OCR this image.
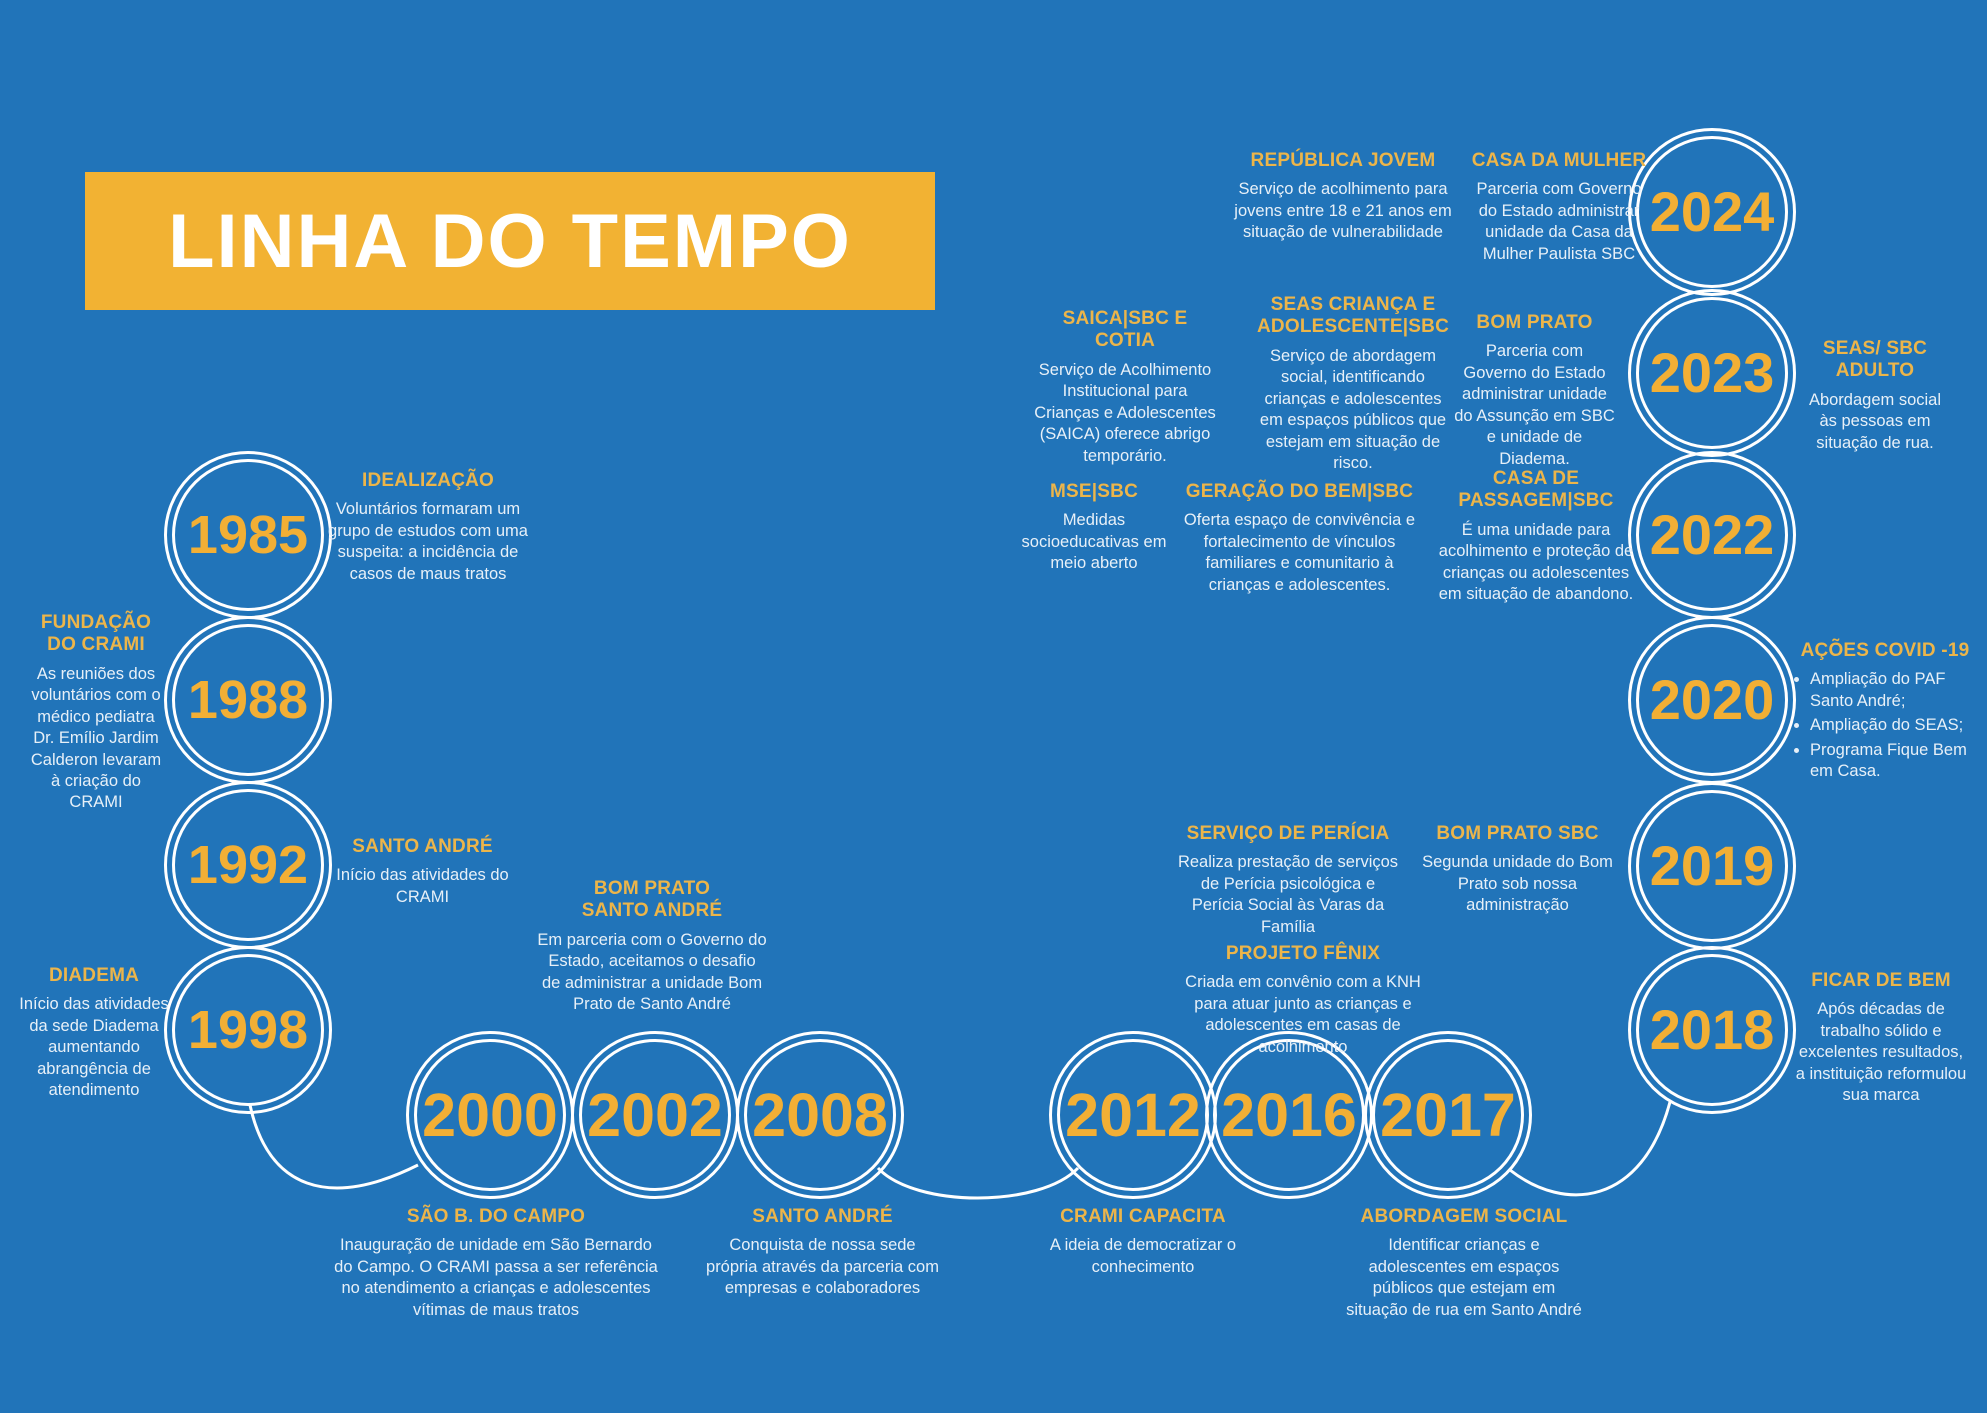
LINHA DO TEMPO
1985
1988
1992
1998
2000 2002 2008	2012 2016 2017
2018
2019
2020
2022
2023
2024
IDEALIZAÇÃO

Voluntários formaram um grupo de estudos com uma suspeita: a incidência de casos de maus tratos

FUNDAÇÃO DO CRAMI

As reuniões dos voluntários com o médico pediatra Dr. Emílio Jardim Calderon levaram à criação do CRAMI

SANTO ANDRÉ

Início das atividades do CRAMI

DIADEMA

Início das atividades da sede Diadema aumentando abrangência de atendimento

SÃO B. DO CAMPO

Inauguração de unidade em São Bernardo do Campo. O CRAMI passa a ser referência no atendimento a crianças e adolescentes vítimas de maus tratos

BOM PRATO SANTO ANDRÉ

Em parceria com o Governo do Estado, aceitamos o desafio de administrar a unidade Bom Prato de Santo André

SANTO ANDRÉ

Conquista de nossa sede própria através da parceria com empresas e colaboradores

CRAMI CAPACITA

A ideia de democratizar o conhecimento

PROJETO FÊNIX

Criada em convênio com a KNH para atuar junto as crianças e adolescentes em casas de acolhimento

ABORDAGEM SOCIAL

Identificar crianças e adolescentes em espaços públicos que estejam em situação de rua em Santo André

FICAR DE BEM

Após décadas de trabalho sólido e excelentes resultados, a instituição reformulou sua marca

SERVIÇO DE PERÍCIA

Realiza prestação de serviços de Perícia psicológica e Perícia Social às Varas da Família

BOM PRATO SBC

Segunda unidade do Bom Prato sob nossa administração

AÇÕES COVID -19
• Ampliação do PAF Santo André;
• Ampliação do SEAS;
• Programa Fique Bem em Casa.
MSE|SBC

Medidas socioeducativas em meio aberto

GERAÇÃO DO BEM|SBC

Oferta espaço de convivência e fortalecimento de vínculos familiares e comunitario à crianças e adolescentes.

CASA DE PASSAGEM|SBC

É uma unidade para acolhimento e proteção de crianças ou adolescentes em situação de abandono.

SAICA|SBC E COTIA

Serviço de Acolhimento Institucional para Crianças e Adolescentes (SAICA) oferece abrigo temporário.

SEAS CRIANÇA E ADOLESCENTE|SBC

Serviço de abordagem social, identificando crianças e adolescentes em espaços públicos que estejam em situação de risco.

BOM PRATO

Parceria com Governo do Estado administrar unidade do Assunção em SBC e unidade de Diadema.

SEAS/ SBC ADULTO

Abordagem social às pessoas em situação de rua.

REPÚBLICA JOVEM

Serviço de acolhimento para jovens entre 18 e 21 anos em situação de vulnerabilidade

CASA DA MULHER

Parceria com Governo do Estado administrar unidade da Casa da Mulher Paulista SBC
